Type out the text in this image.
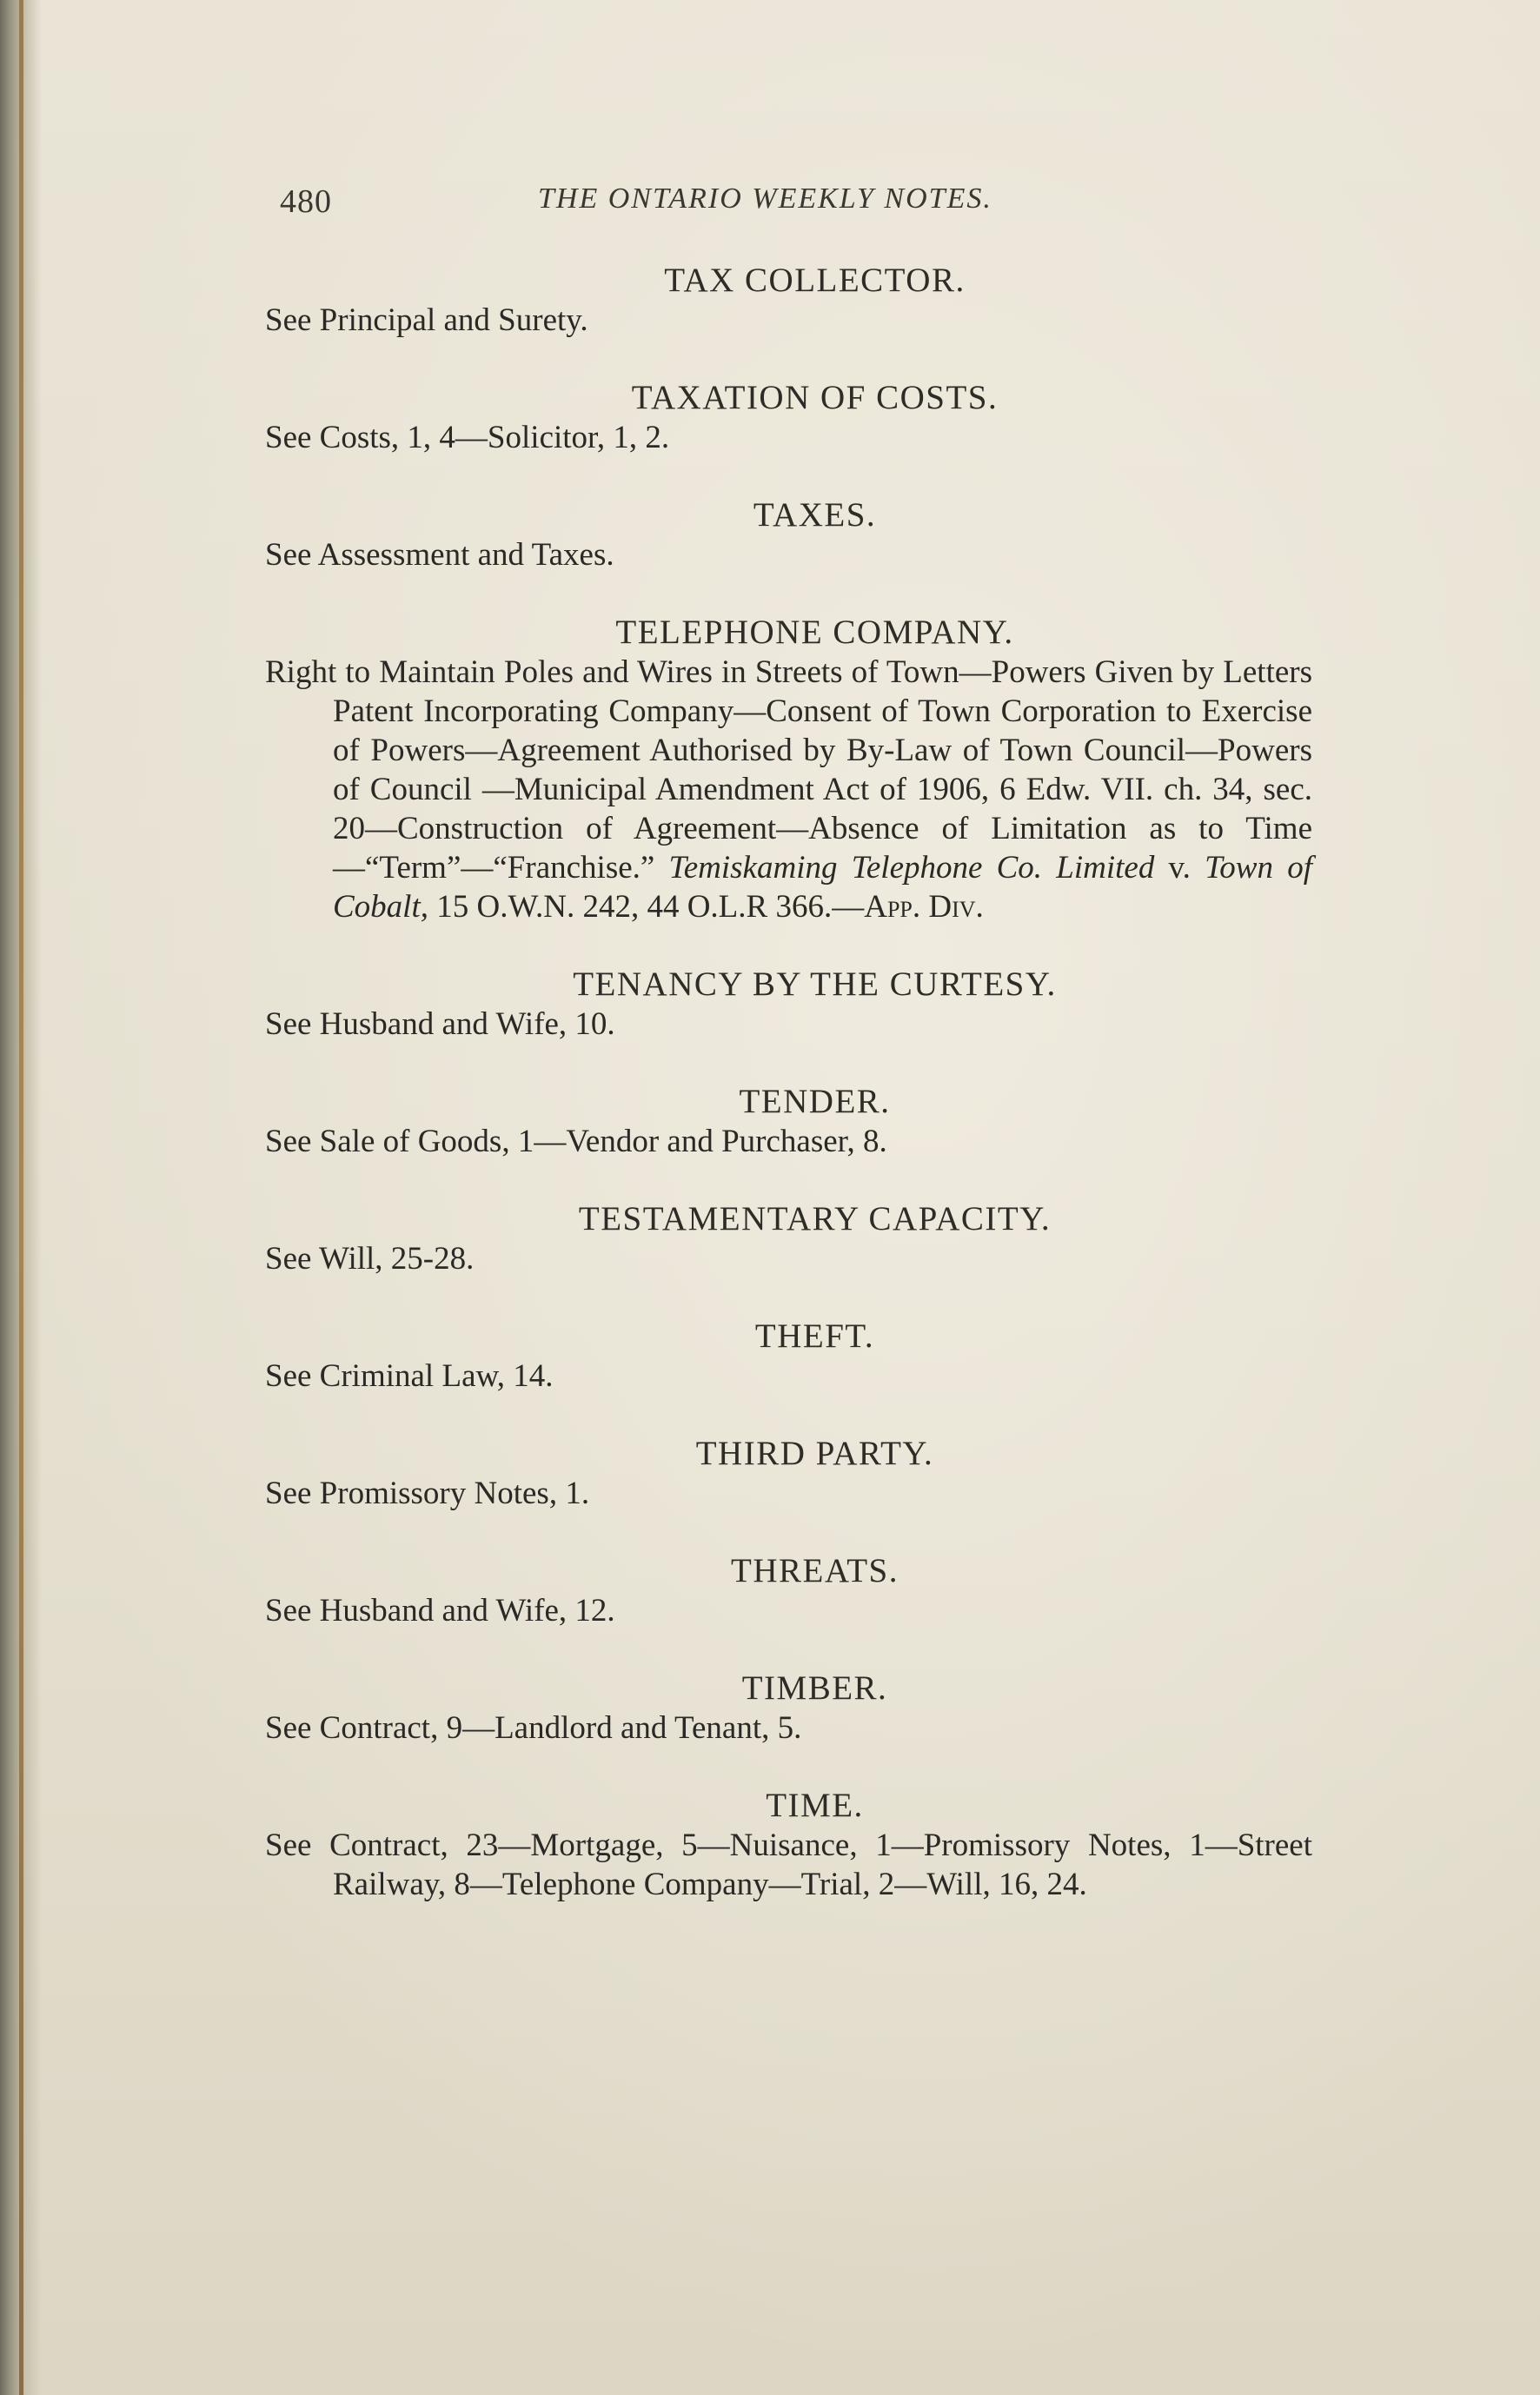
480	THE ONTARIO WEEKLY NOTES.
TAX COLLECTOR.
See Principal and Surety.
TAXATION OF COSTS.
See Costs, 1, 4—Solicitor, 1, 2.
TAXES.
See Assessment and Taxes.
TELEPHONE COMPANY.
Right to Maintain Poles and Wires in Streets of Town—Powers Given by Letters Patent Incorporating Company—Consent of Town Corporation to Exercise of Powers—Agreement Authorised by By-Law of Town Council—Powers of Council —Municipal Amendment Act of 1906, 6 Edw. VII. ch. 34, sec. 20—Construction of Agreement—Absence of Limitation as to Time—“Term”—“Franchise.” Temiskaming Telephone Co. Limited v. Town of Cobalt, 15 O.W.N. 242, 44 O.L.R 366.—App. Div.
TENANCY BY THE CURTESY.
See Husband and Wife, 10.
TENDER.
See Sale of Goods, 1—Vendor and Purchaser, 8.
TESTAMENTARY CAPACITY.
See Will, 25-28.
THEFT.
See Criminal Law, 14.
THIRD PARTY.
See Promissory Notes, 1.
THREATS.
See Husband and Wife, 12.
TIMBER.
See Contract, 9—Landlord and Tenant, 5.
TIME.
See Contract, 23—Mortgage, 5—Nuisance, 1—Promissory Notes, 1—Street Railway, 8—Telephone Company—Trial, 2—Will, 16, 24.
